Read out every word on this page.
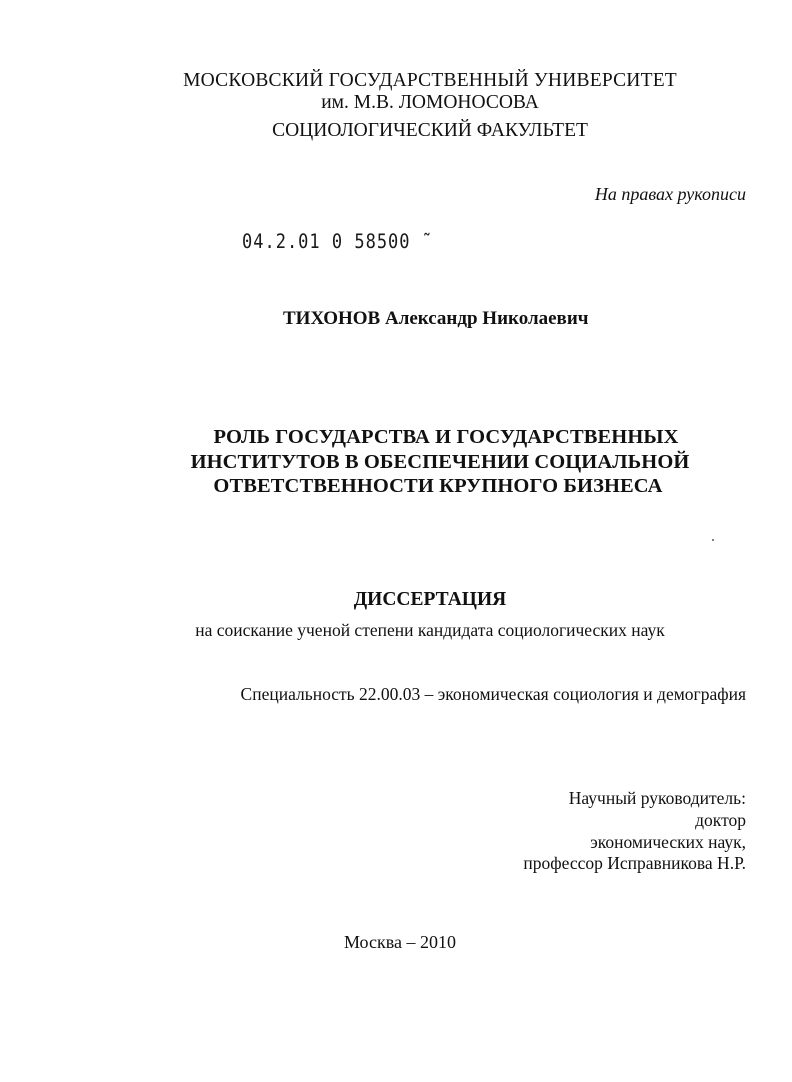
МОСКОВСКИЙ ГОСУДАРСТВЕННЫЙ УНИВЕРСИТЕТ
им. М.В. ЛОМОНОСОВА
СОЦИОЛОГИЧЕСКИЙ ФАКУЛЬТЕТ
На правах рукописи
04.2.01 0 58500 ˜
ТИХОНОВ Александр Николаевич
РОЛЬ ГОСУДАРСТВА И ГОСУДАРСТВЕННЫХ
ИНСТИТУТОВ В ОБЕСПЕЧЕНИИ СОЦИАЛЬНОЙ
ОТВЕТСТВЕННОСТИ КРУПНОГО БИЗНЕСА
ДИССЕРТАЦИЯ
на соискание ученой степени кандидата социологических наук
Специальность 22.00.03 – экономическая социология и демография
Научный руководитель:
доктор
экономических наук,
профессор Исправникова Н.Р.
Москва – 2010
